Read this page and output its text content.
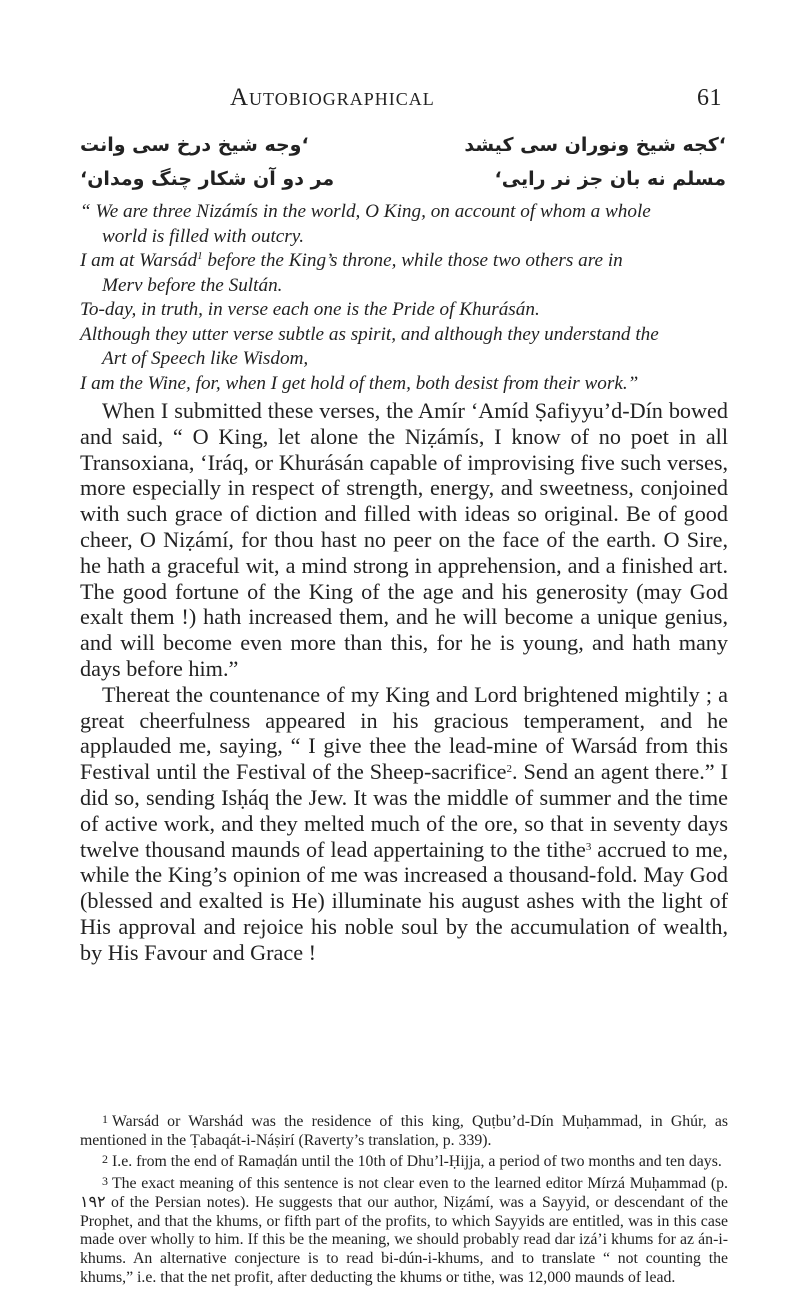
Autobiographical	61
‘کجه شیخ ونوران سی کیشد
‘وجه شیخ درخ سی وانت
مسلم نه بان جز نر رایی‘
مر دو آن شکار چنگ ومدان‘
“ We are three Nizámís in the world, O King, on account of whom a whole
world is filled with outcry.
I am at Warsád$^1$ before the King’s throne, while those two others are in
Merv before the Sultán.
To-day, in truth, in verse each one is the Pride of Khurásán.
Although they utter verse subtle as spirit, and although they understand the
Art of Speech like Wisdom,
I am the Wine, for, when I get hold of them, both desist from their work.”

When I submitted these verses, the Amír ‘Amíd Ṣafiyyu’d-Dín bowed and said, “ O King, let alone the Niẓámís, I know of no poet in all Transoxiana, ‘Iráq, or Khurásán capable of improvising five such verses, more especially in respect of strength, energy, and sweetness, conjoined with such grace of diction and filled with ideas so original. Be of good cheer, O Niẓámí, for thou hast no peer on the face of the earth. O Sire, he hath a graceful wit, a mind strong in apprehension, and a finished art. The good fortune of the King of the age and his generosity (may God exalt them !) hath increased them, and he will become a unique genius, and will become even more than this, for he is young, and hath many days before him.”

Thereat the countenance of my King and Lord brightened mightily ; a great cheerfulness appeared in his gracious temperament, and he applauded me, saying, “ I give thee the lead-mine of Warsád from this Festival until the Festival of the Sheep-sacrifice$^2$. Send an agent there.” I did so, sending Isḥáq the Jew. It was the middle of summer and the time of active work, and they melted much of the ore, so that in seventy days twelve thousand maunds of lead appertaining to the tithe$^3$ accrued to me, while the King’s opinion of me was increased a thousand-fold. May God (blessed and exalted is He) illuminate his august ashes with the light of His approval and rejoice his noble soul by the accumulation of wealth, by His Favour and Grace !

1 Warsád or Warshád was the residence of this king, Quṭbu’d-Dín Muḥammad, in Ghúr, as mentioned in the Ṭabaqát-i-Náṣirí (Raverty’s translation, p. 339).

2 I.e. from the end of Ramaḍán until the 10th of Dhu’l-Ḥijja, a period of two months and ten days.

3 The exact meaning of this sentence is not clear even to the learned editor Mírzá Muḥammad (p. ١٩٢ of the Persian notes). He suggests that our author, Niẓámí, was a Sayyid, or descendant of the Prophet, and that the khums, or fifth part of the profits, to which Sayyids are entitled, was in this case made over wholly to him. If this be the meaning, we should probably read dar izá’i khums for az án-i-khums. An alternative conjecture is to read bi-dún-i-khums, and to translate “ not counting the khums,” i.e. that the net profit, after deducting the khums or tithe, was 12,000 maunds of lead.
